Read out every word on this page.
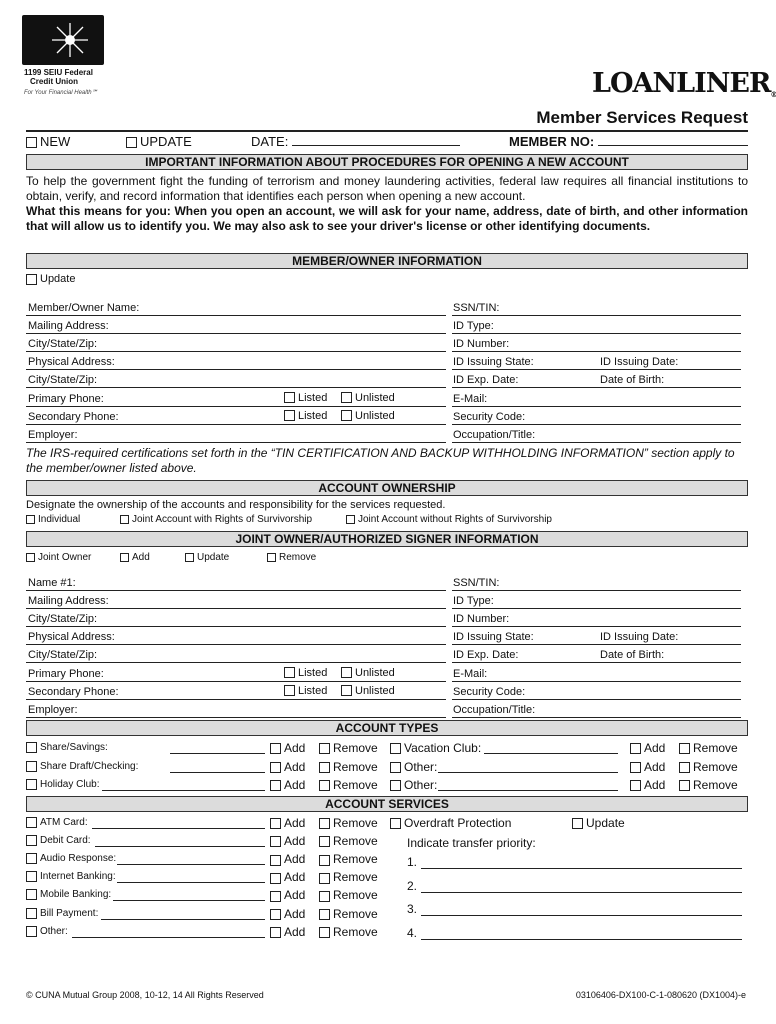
1199 SEIU Federal
Credit Union
For Your Financial Health℠	LOANLINER®
Member Services Request
NEW	UPDATE	DATE:	MEMBER NO:
IMPORTANT INFORMATION ABOUT PROCEDURES FOR OPENING A NEW ACCOUNT
To help the government fight the funding of terrorism and money laundering activities, federal law requires all financial institutions to obtain, verify, and record information that identifies each person when opening a new account.
What this means for you: When you open an account, we will ask for your name, address, date of birth, and other information that will allow us to identify you. We may also ask to see your driver's license or other identifying documents.
MEMBER/OWNER INFORMATION
Update
Member/Owner Name:	SSN/TIN:
Mailing Address:	ID Type:
City/State/Zip:	ID Number:
Physical Address:	ID Issuing State:	ID Issuing Date:
City/State/Zip:	ID Exp. Date:	Date of Birth:
Primary Phone:	E-Mail:
Listed	Unlisted
Secondary Phone:	Security Code:
Listed	Unlisted
Employer:	Occupation/Title:
The IRS-required certifications set forth in the “TIN CERTIFICATION AND BACKUP WITHHOLDING INFORMATION” section apply to the member/owner listed above.
ACCOUNT OWNERSHIP
Designate the ownership of the accounts and responsibility for the services requested.
Individual	Joint Account with Rights of Survivorship	Joint Account without Rights of Survivorship
JOINT OWNER/AUTHORIZED SIGNER INFORMATION
Joint Owner	Add	Update	Remove
Name #1:	SSN/TIN:
Mailing Address:	ID Type:
City/State/Zip:	ID Number:
Physical Address:	ID Issuing State:	ID Issuing Date:
City/State/Zip:	ID Exp. Date:	Date of Birth:
Primary Phone:	E-Mail:
Listed	Unlisted
Secondary Phone:	Security Code:
Listed	Unlisted
Employer:	Occupation/Title:
ACCOUNT TYPES
Share/Savings:	Add	Remove	Vacation Club:	Add	Remove
Share Draft/Checking:	Add	Remove	Other:	Add	Remove
Holiday Club:	Add	Remove	Other:	Add	Remove
ACCOUNT SERVICES
ATM Card:	Add	Remove
Debit Card:	Add	Remove
Audio Response:	Add	Remove
Internet Banking:	Add	Remove
Mobile Banking:	Add	Remove
Bill Payment:	Add	Remove
Other:	Add	Remove
Overdraft Protection	Update
Indicate transfer priority:
1.
2.
3.
4.
© CUNA Mutual Group 2008, 10-12, 14 All Rights Reserved	03106406-DX100-C-1-080620 (DX1004)-e
